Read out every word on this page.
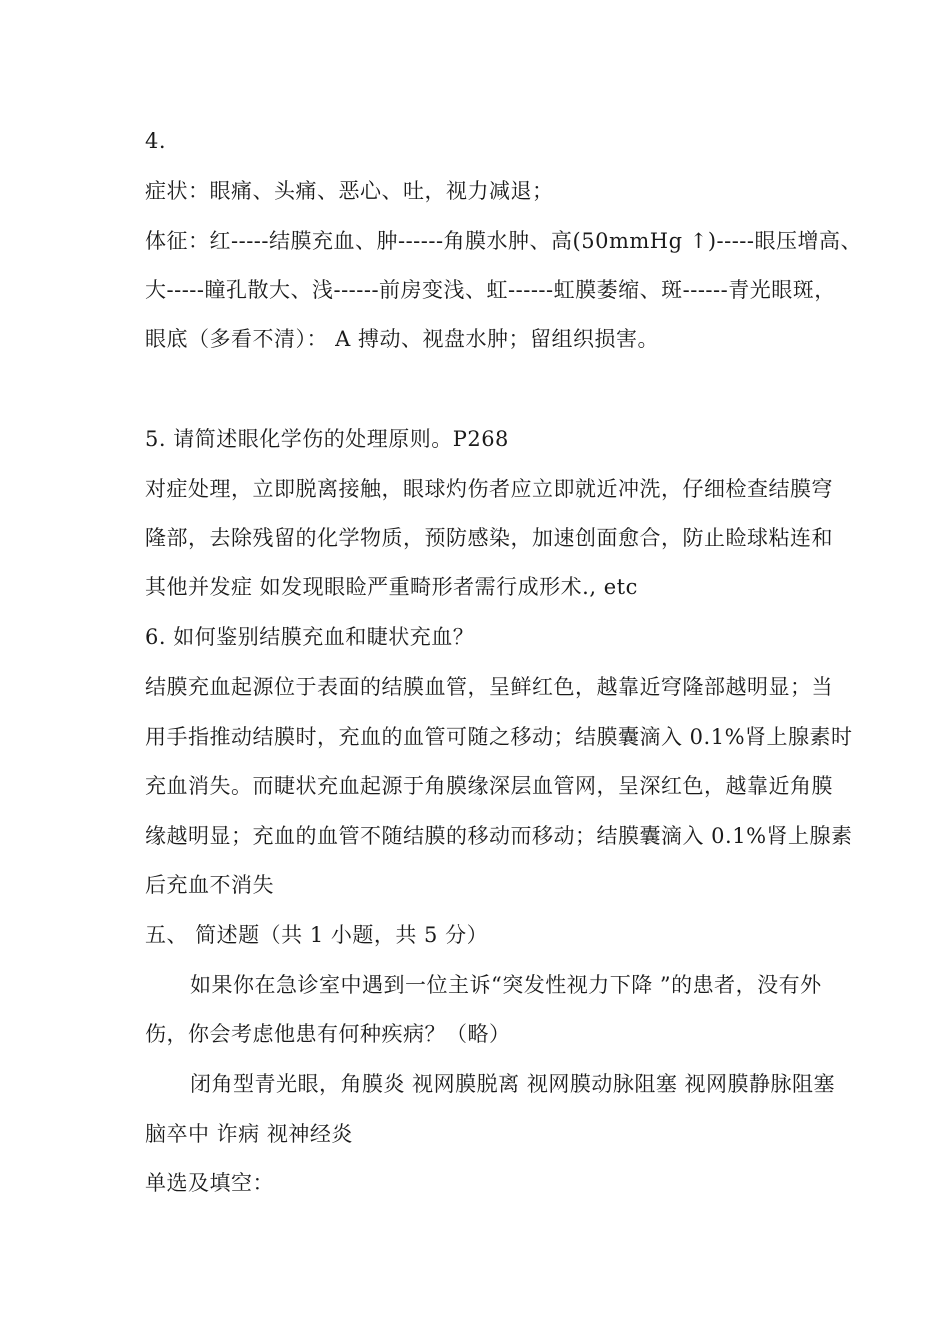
4.
症状：眼痛、头痛、恶心、吐，视力减退；
体征：红-----结膜充血、肿------角膜水肿、高(50mmHg ↑)-----眼压增高、
大-----瞳孔散大、浅------前房变浅、虹------虹膜萎缩、斑------青光眼斑，
眼底（多看不清）： A 搏动、视盘水肿；留组织损害。
5. 请简述眼化学伤的处理原则。P268
对症处理，立即脱离接触，眼球灼伤者应立即就近冲洗，仔细检查结膜穹
隆部，去除残留的化学物质，预防感染，加速创面愈合，防止睑球粘连和
其他并发症 如发现眼睑严重畸形者需行成形术., etc
6. 如何鉴别结膜充血和睫状充血？
结膜充血起源位于表面的结膜血管，呈鲜红色，越靠近穹隆部越明显；当
用手指推动结膜时，充血的血管可随之移动；结膜囊滴入 0.1%肾上腺素时
充血消失。而睫状充血起源于角膜缘深层血管网，呈深红色，越靠近角膜
缘越明显；充血的血管不随结膜的移动而移动；结膜囊滴入 0.1%肾上腺素
后充血不消失
五、 简述题（共 1 小题，共 5 分）
如果你在急诊室中遇到一位主诉“突发性视力下降 ”的患者，没有外
伤，你会考虑他患有何种疾病？（略）
闭角型青光眼，角膜炎 视网膜脱离 视网膜动脉阻塞 视网膜静脉阻塞
脑卒中 诈病 视神经炎
单选及填空：
